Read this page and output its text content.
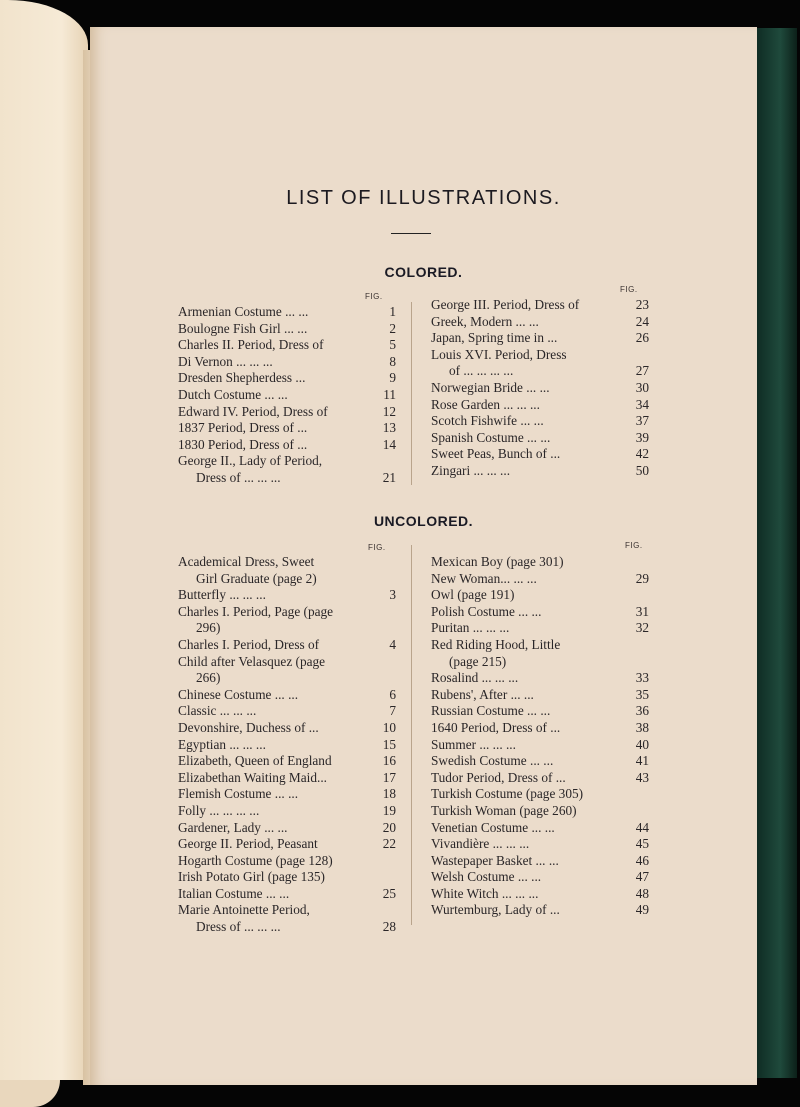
LIST OF ILLUSTRATIONS.
COLORED.
FIG.
FIG.
Armenian Costume ... ...	1
Boulogne Fish Girl ... ...	2
Charles II. Period, Dress of	5
Di Vernon ... ... ...	8
Dresden Shepherdess ...	9
Dutch Costume ... ...	11
Edward IV. Period, Dress of	12
1837 Period, Dress of ...	13
1830 Period, Dress of ...	14
George II., Lady of Period,
Dress of ... ... ...	21
George III. Period, Dress of	23
Greek, Modern ... ...	24
Japan, Spring time in ...	26
Louis XVI. Period, Dress
of ... ... ... ...	27
Norwegian Bride ... ...	30
Rose Garden ... ... ...	34
Scotch Fishwife ... ...	37
Spanish Costume ... ...	39
Sweet Peas, Bunch of ...	42
Zingari ... ... ...	50
UNCOLORED.
FIG.	FIG.
Academical Dress, Sweet
Girl Graduate (page 2)
Butterfly ... ... ...	3
Charles I. Period, Page (page
296)
Charles I. Period, Dress of	4
Child after Velasquez (page
266)
Chinese Costume ... ...	6
Classic ... ... ...	7
Devonshire, Duchess of ...	10
Egyptian ... ... ...	15
Elizabeth, Queen of England	16
Elizabethan Waiting Maid...	17
Flemish Costume ... ...	18
Folly ... ... ... ...	19
Gardener, Lady ... ...	20
George II. Period, Peasant	22
Hogarth Costume (page 128)
Irish Potato Girl (page 135)
Italian Costume ... ...	25
Marie Antoinette Period,
Dress of ... ... ...	28
Mexican Boy (page 301)
New Woman... ... ...	29
Owl (page 191)
Polish Costume ... ...	31
Puritan ... ... ...	32
Red Riding Hood, Little
(page 215)
Rosalind ... ... ...	33
Rubens', After ... ...	35
Russian Costume ... ...	36
1640 Period, Dress of ...	38
Summer ... ... ...	40
Swedish Costume ... ...	41
Tudor Period, Dress of ...	43
Turkish Costume (page 305)
Turkish Woman (page 260)
Venetian Costume ... ...	44
Vivandière ... ... ...	45
Wastepaper Basket ... ...	46
Welsh Costume ... ...	47
White Witch ... ... ...	48
Wurtemburg, Lady of ...	49
